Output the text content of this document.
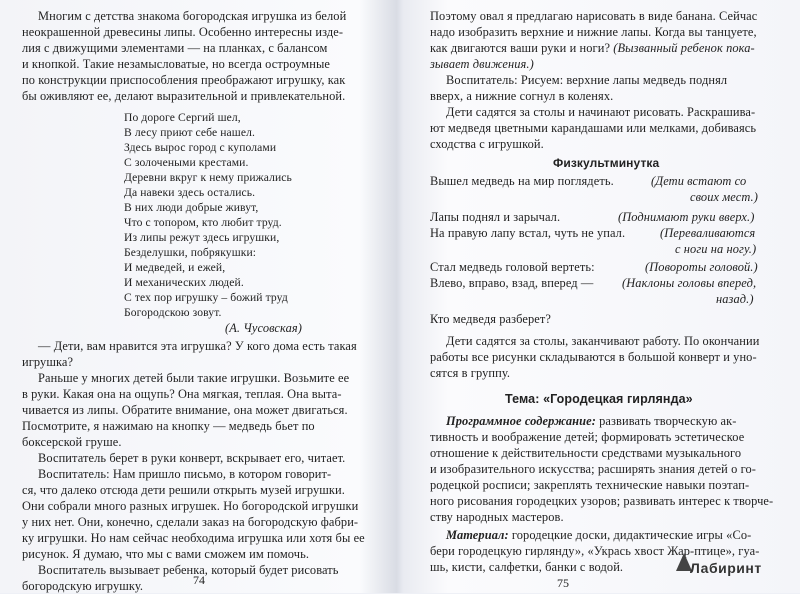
Многим с детства знакома богородская игрушка из белой
неокрашенной древесины липы. Особенно интересны изде-
лия с движущими элементами — на планках, с балансом
и кнопкой. Такие незамысловатые, но всегда остроумные
по конструкции приспособления преображают игрушку, как
бы оживляют ее, делают выразительной и привлекательной.
По дороге Сергий шел,
В лесу приют себе нашел.
Здесь вырос город с куполами
С золочеными крестами.
Деревни вкруг к нему прижались
Да навеки здесь остались.
В них люди добрые живут,
Что с топором, кто любит труд.
Из липы режут здесь игрушки,
Безделушки, побрякушки:
И медведей, и ежей,
И механических людей.
С тех пор игрушку – божий труд
Богородскою зовут.
(А. Чусовская)
— Дети, вам нравится эта игрушка? У кого дома есть такая
игрушка?
Раньше у многих детей были такие игрушки. Возьмите ее
в руки. Какая она на ощупь? Она мягкая, теплая. Она выта-
чивается из липы. Обратите внимание, она может двигаться.
Посмотрите, я нажимаю на кнопку — медведь бьет по
боксерской груше.
Воспитатель берет в руки конверт, вскрывает его, читает.
Воспитатель: Нам пришло письмо, в котором говорит-
ся, что далеко отсюда дети решили открыть музей игрушки.
Они собрали много разных игрушек. Но богородской игрушки
у них нет. Они, конечно, сделали заказ на богородскую фабри-
ку игрушки. Но нам сейчас необходима игрушка или хотя бы ее
рисунок. Я думаю, что мы с вами сможем им помочь.
Воспитатель вызывает ребенка, который будет рисовать
богородскую игрушку.	74
Поэтому овал я предлагаю нарисовать в виде банана. Сейчас
надо изобразить верхние и нижние лапы. Когда вы танцуете,
как двигаются ваши руки и ноги? (Вызванный ребенок пока-
зывает движения.)
Воспитатель: Рисуем: верхние лапы медведь поднял
вверх, а нижние согнул в коленях.
Дети садятся за столы и начинают рисовать. Раскрашива-
ют медведя цветными карандашами или мелками, добиваясь
сходства с игрушкой.
Физкультминутка
Вышел медведь на мир поглядеть.	(Дети встают со
своих мест.)
Лапы поднял и зарычал.	(Поднимают руки вверх.)
На правую лапу встал, чуть не упал.	(Переваливаются
с ноги на ногу.)
Стал медведь головой вертеть:	(Повороты головой.)
Влево, вправо, взад, вперед — (Наклоны головы вперед,
назад.)
Кто медведя разберет?
Дети садятся за столы, заканчивают работу. По окончании
работы все рисунки складываются в большой конверт и уно-
сятся в группу.
Тема: «Городецкая гирлянда»
Программное содержание: развивать творческую ак-
тивность и воображение детей; формировать эстетическое
отношение к действительности средствами музыкального
и изобразительного искусства; расширять знания детей о го-
родецкой росписи; закреплять технические навыки поэтап-
ного рисования городецких узоров; развивать интерес к творче-
ству народных мастеров.
Материал: городецкие доски, дидактические игры «Со-
бери городецкую гирлянду», «Укрась хвост Жар-птице», гуа-
шь, кисти, салфетки, банки с водой.
75
Лабиринт
